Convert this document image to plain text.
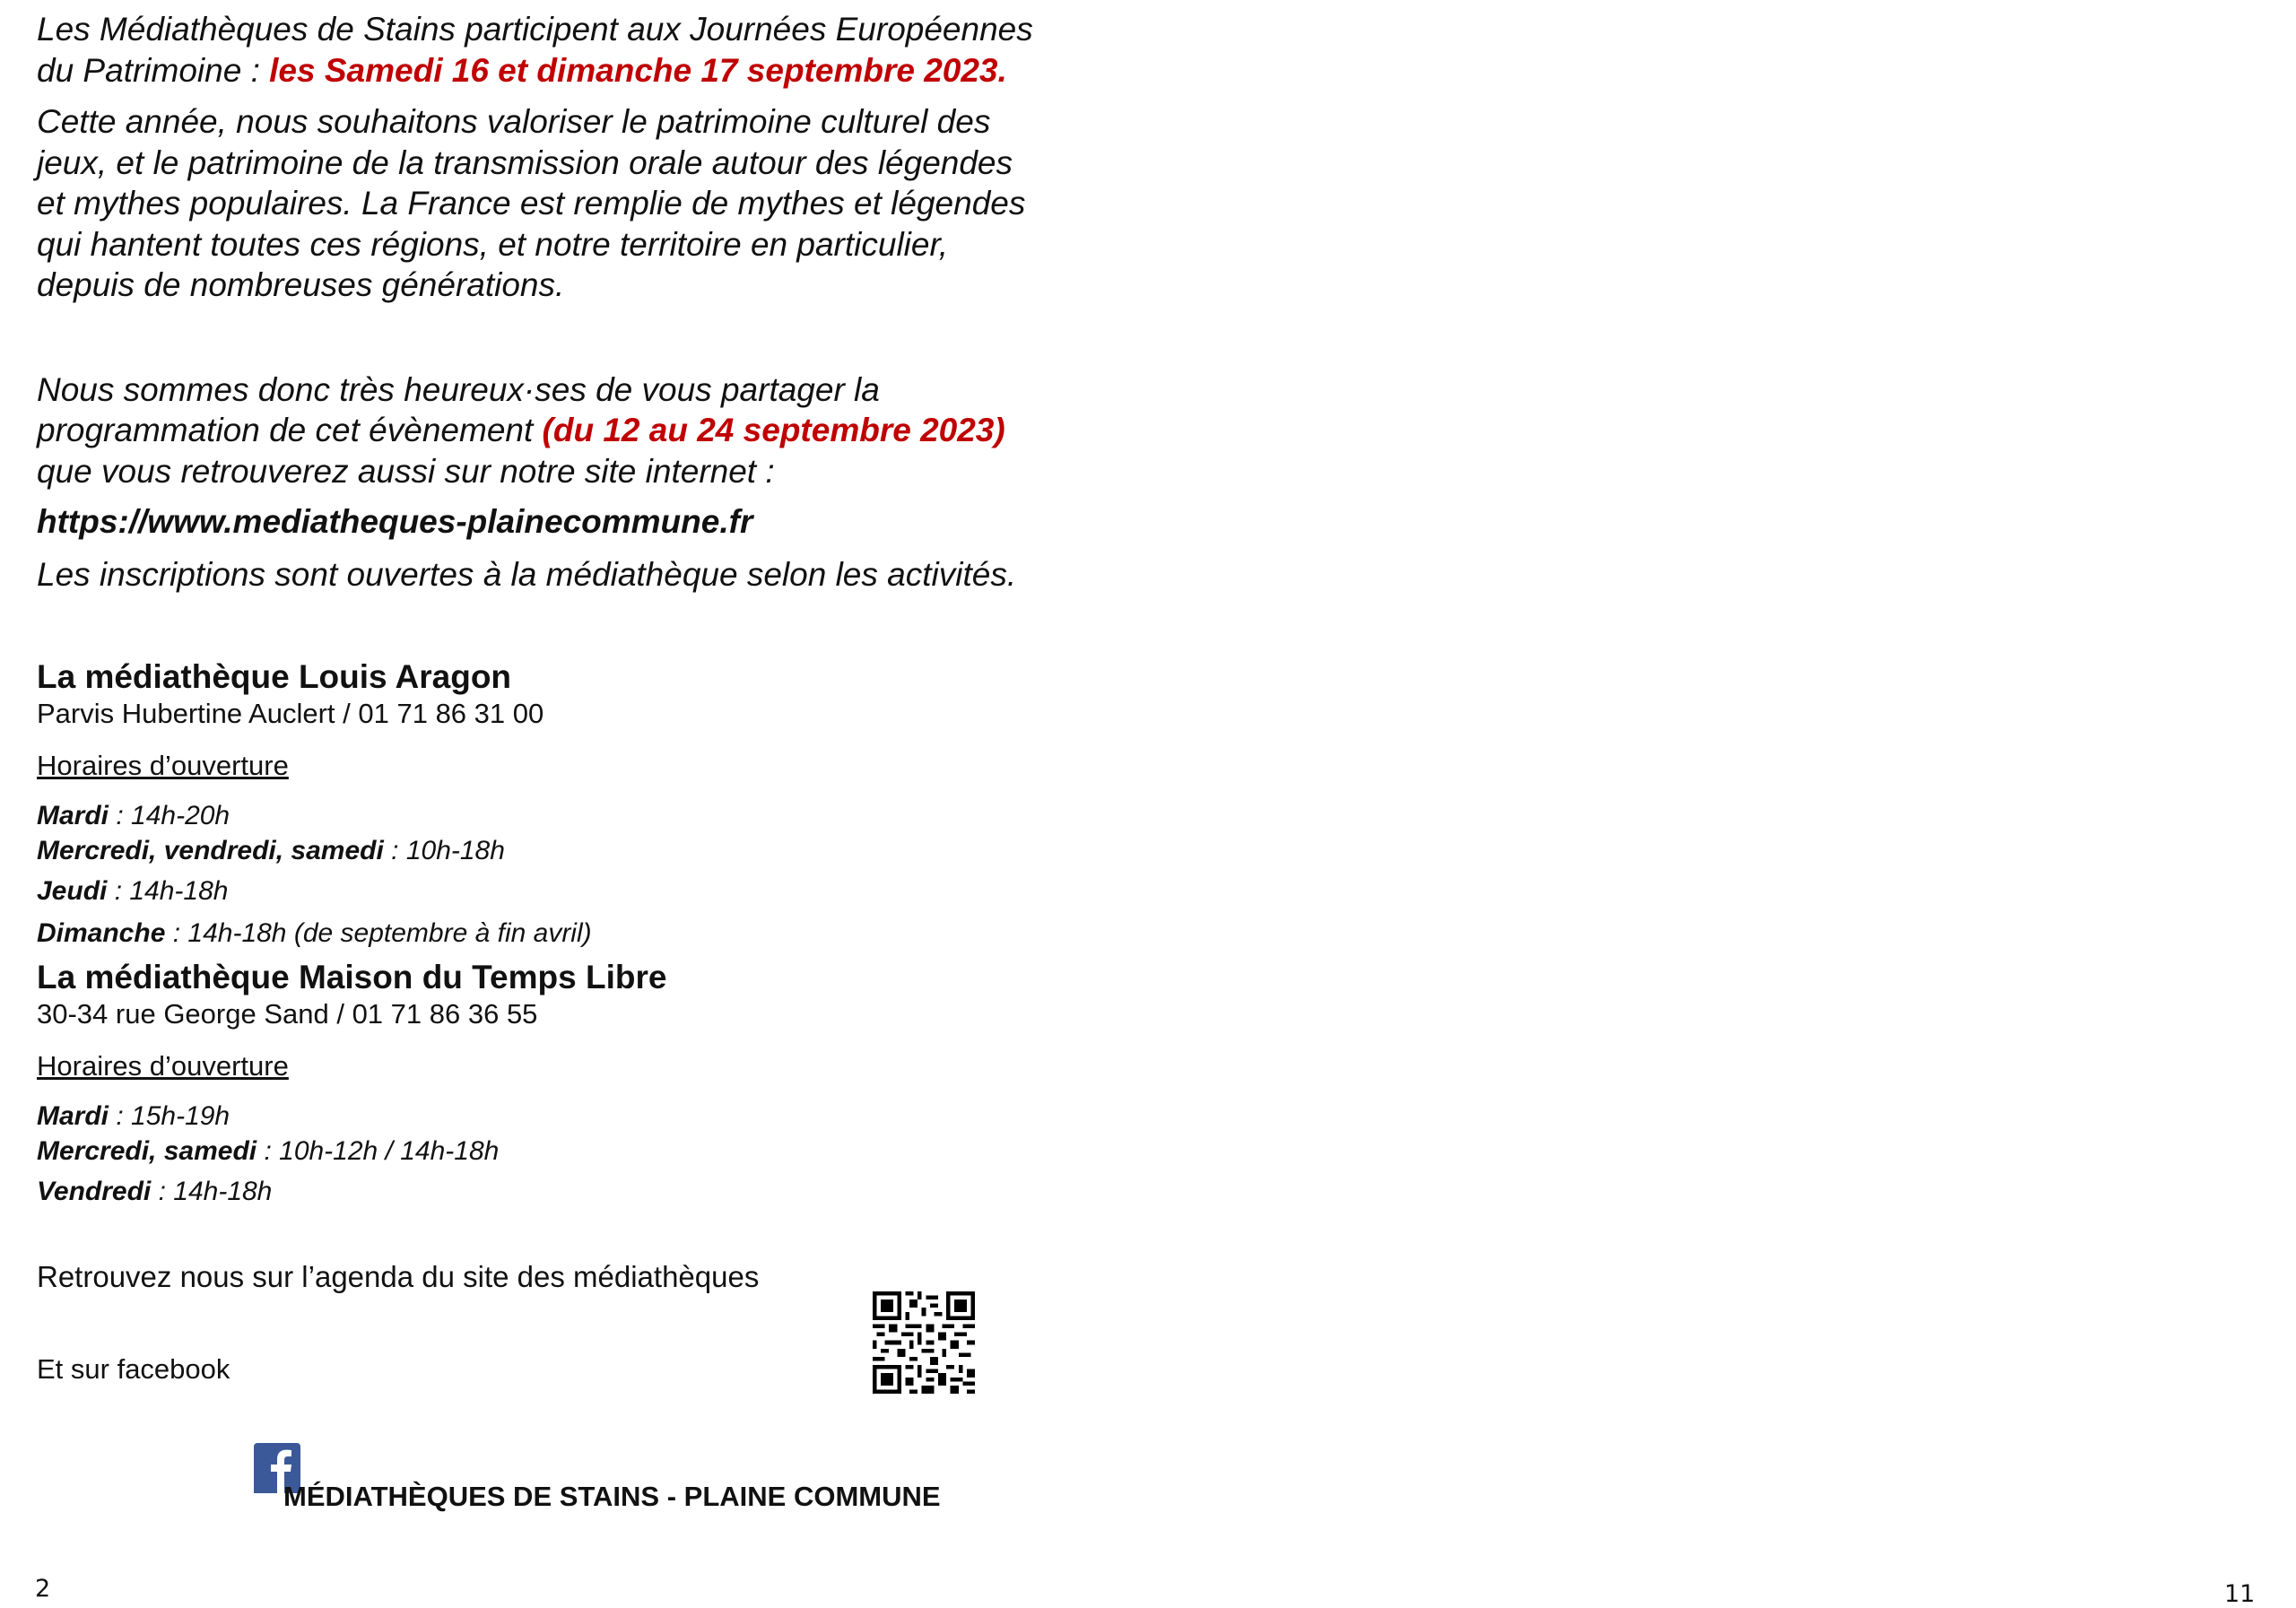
Les Médiathèques de Stains participent aux Journées Européennes
du Patrimoine : les Samedi 16 et dimanche 17 septembre 2023.
Cette année, nous souhaitons valoriser le patrimoine culturel des
jeux, et le patrimoine de la transmission orale autour des légendes
et mythes populaires. La France est remplie de mythes et légendes
qui hantent toutes ces régions, et notre territoire en particulier,
depuis de nombreuses générations.
Nous sommes donc très heureux·ses de vous partager la
programmation de cet évènement (du 12 au 24 septembre 2023)
que vous retrouverez aussi sur notre site internet :
https://www.mediatheques-plainecommune.fr
Les inscriptions sont ouvertes à la médiathèque selon les activités.
La médiathèque Louis Aragon
Parvis Hubertine Auclert / 01 71 86 31 00
Horaires d’ouverture
Mardi : 14h-20h
Mercredi, vendredi, samedi : 10h-18h
Jeudi : 14h-18h
Dimanche : 14h-18h (de septembre à fin avril)
La médiathèque Maison du Temps Libre
30-34 rue George Sand / 01 71 86 36 55
Horaires d’ouverture
Mardi : 15h-19h
Mercredi, samedi : 10h-12h / 14h-18h
Vendredi : 14h-18h
Retrouvez nous sur l’agenda du site des médiathèques
Et sur facebook
MÉDIATHÈQUES DE STAINS - PLAINE COMMUNE
2	11
